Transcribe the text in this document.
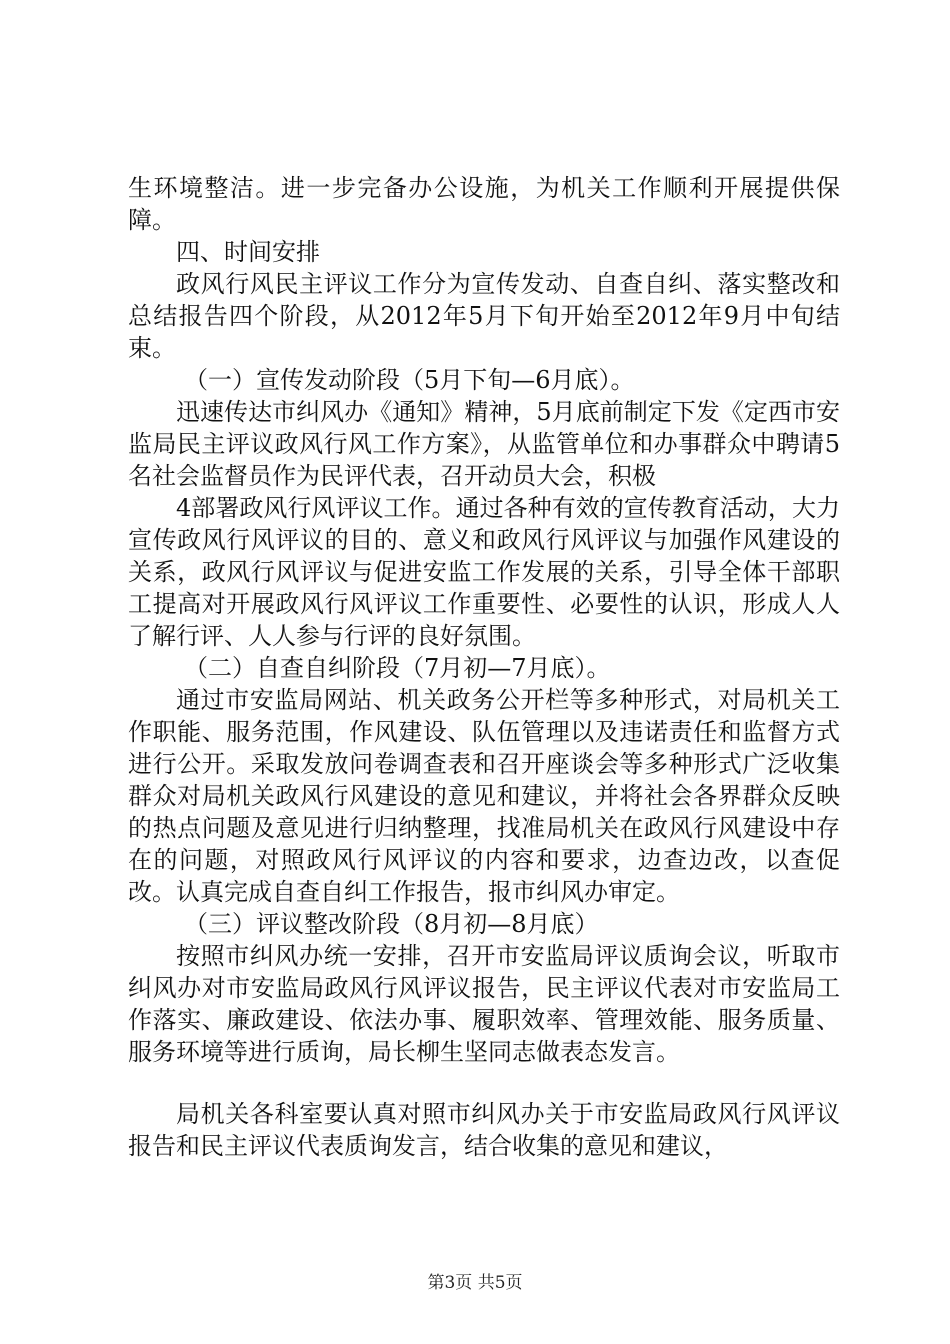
生环境整洁。进一步完备办公设施，为机关工作顺利开展提供保障。

四、时间安排

政风行风民主评议工作分为宣传发动、自查自纠、落实整改和总结报告四个阶段，从2012年5月下旬开始至2012年9月中旬结束。

（一）宣传发动阶段（5月下旬—6月底）。

迅速传达市纠风办《通知》精神，5月底前制定下发《定西市安监局民主评议政风行风工作方案》，从监管单位和办事群众中聘请5名社会监督员作为民评代表，召开动员大会，积极

4部署政风行风评议工作。通过各种有效的宣传教育活动，大力宣传政风行风评议的目的、意义和政风行风评议与加强作风建设的关系，政风行风评议与促进安监工作发展的关系，引导全体干部职工提高对开展政风行风评议工作重要性、必要性的认识，形成人人了解行评、人人参与行评的良好氛围。

（二）自查自纠阶段（7月初—7月底）。

通过市安监局网站、机关政务公开栏等多种形式，对局机关工作职能、服务范围，作风建设、队伍管理以及违诺责任和监督方式进行公开。采取发放问卷调查表和召开座谈会等多种形式广泛收集群众对局机关政风行风建设的意见和建议，并将社会各界群众反映的热点问题及意见进行归纳整理，找准局机关在政风行风建设中存在的问题，对照政风行风评议的内容和要求，边查边改，以查促改。认真完成自查自纠工作报告，报市纠风办审定。

（三）评议整改阶段（8月初—8月底）

按照市纠风办统一安排，召开市安监局评议质询会议，听取市纠风办对市安监局政风行风评议报告，民主评议代表对市安监局工作落实、廉政建设、依法办事、履职效率、管理效能、服务质量、服务环境等进行质询，局长柳生坚同志做表态发言。

局机关各科室要认真对照市纠风办关于市安监局政风行风评议报告和民主评议代表质询发言，结合收集的意见和建议，

第3页 共5页
